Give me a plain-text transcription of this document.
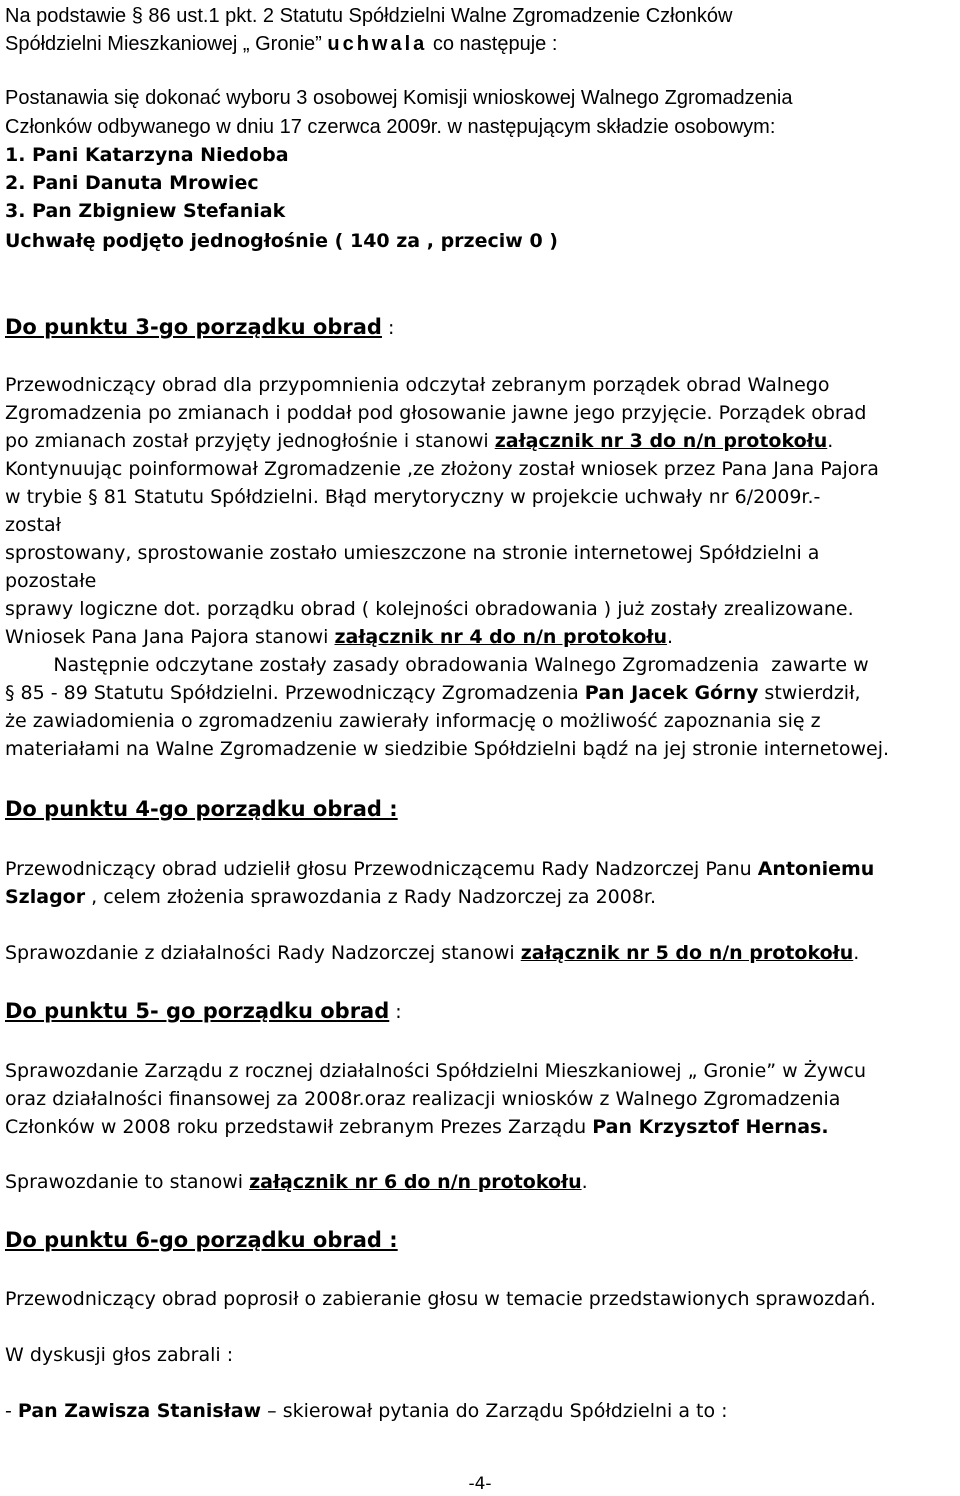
Na podstawie § 86 ust.1 pkt. 2 Statutu Spółdzielni Walne Zgromadzenie Członków
Spółdzielni Mieszkaniowej „ Gronie” uchwala co następuje :
Postanawia się dokonać wyboru 3 osobowej Komisji wnioskowej Walnego Zgromadzenia
Członków odbywanego w dniu 17 czerwca 2009r. w następującym składzie osobowym:
1. Pani Katarzyna Niedoba
2. Pani Danuta Mrowiec
3. Pan Zbigniew Stefaniak
Uchwałę podjęto jednogłośnie ( 140 za , przeciw 0 )
Do punktu 3-go porządku obrad :
Przewodniczący obrad dla przypomnienia odczytał zebranym porządek obrad Walnego
Zgromadzenia po zmianach i poddał pod głosowanie jawne jego przyjęcie. Porządek obrad
po zmianach został przyjęty jednogłośnie i stanowi załącznik nr 3 do n/n protokołu.
Kontynuując poinformował Zgromadzenie ,ze złożony został wniosek przez Pana Jana Pajora
w trybie § 81 Statutu Spółdzielni. Błąd merytoryczny w projekcie uchwały nr 6/2009r.-
został
sprostowany, sprostowanie zostało umieszczone na stronie internetowej Spółdzielni a
pozostałe
sprawy logiczne dot. porządku obrad ( kolejności obradowania ) już zostały zrealizowane.
Wniosek Pana Jana Pajora stanowi załącznik nr 4 do n/n protokołu.
Następnie odczytane zostały zasady obradowania Walnego Zgromadzenia  zawarte w
§ 85 - 89 Statutu Spółdzielni. Przewodniczący Zgromadzenia Pan Jacek Górny stwierdził,
że zawiadomienia o zgromadzeniu zawierały informację o możliwość zapoznania się z
materiałami na Walne Zgromadzenie w siedzibie Spółdzielni bądź na jej stronie internetowej.
Do punktu 4-go porządku obrad :
Przewodniczący obrad udzielił głosu Przewodniczącemu Rady Nadzorczej Panu Antoniemu
Szlagor , celem złożenia sprawozdania z Rady Nadzorczej za 2008r.
Sprawozdanie z działalności Rady Nadzorczej stanowi załącznik nr 5 do n/n protokołu.
Do punktu 5- go porządku obrad :
Sprawozdanie Zarządu z rocznej działalności Spółdzielni Mieszkaniowej „ Gronie” w Żywcu
oraz działalności finansowej za 2008r.oraz realizacji wniosków z Walnego Zgromadzenia
Członków w 2008 roku przedstawił zebranym Prezes Zarządu Pan Krzysztof Hernas.
Sprawozdanie to stanowi załącznik nr 6 do n/n protokołu.
Do punktu 6-go porządku obrad :
Przewodniczący obrad poprosił o zabieranie głosu w temacie przedstawionych sprawozdań.
W dyskusji głos zabrali :
- Pan Zawisza Stanisław – skierował pytania do Zarządu Spółdzielni a to :
-4-
